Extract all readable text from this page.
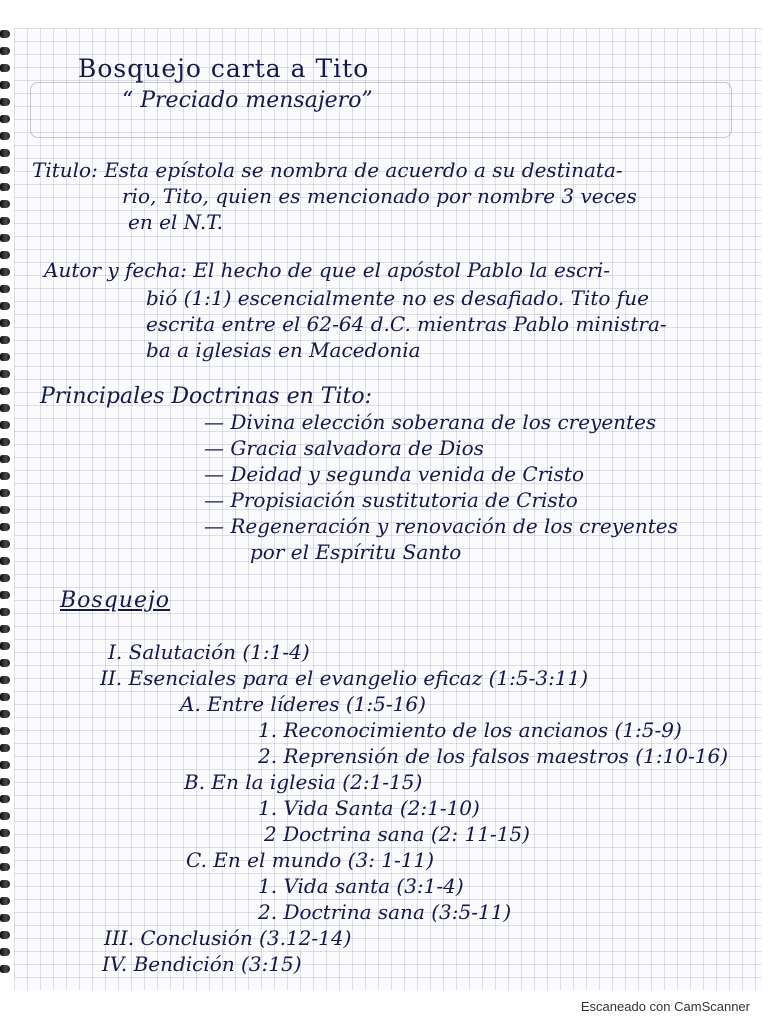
Bosquejo carta a Tito

“ Preciado mensajero”

Titulo: Esta epístola se nombra de acuerdo a su destinata-

rio, Tito, quien es mencionado por nombre 3 veces

en el N.T.

Autor y fecha: El hecho de que el apóstol Pablo la escri-

bió (1:1) escencialmente no es desafiado. Tito fue

escrita entre el 62-64 d.C. mientras Pablo ministra-

ba a iglesias en Macedonia

Principales Doctrinas en Tito:

— Divina elección soberana de los creyentes

— Gracia salvadora de Dios

— Deidad y segunda venida de Cristo

— Propisiación sustitutoria de Cristo

— Regeneración y renovación de los creyentes

por el Espíritu Santo

Bosquejo

I. Salutación (1:1-4)

II. Esenciales para el evangelio eficaz (1:5-3:11)

A. Entre líderes (1:5-16)

1. Reconocimiento de los ancianos (1:5-9)

2. Reprensión de los falsos maestros (1:10-16)

B. En la iglesia (2:1-15)

1. Vida Santa (2:1-10)

2 Doctrina sana (2: 11-15)

C. En el mundo (3: 1-11)

1. Vida santa (3:1-4)

2. Doctrina sana (3:5-11)

III. Conclusión (3.12-14)

IV. Bendición (3:15)

Escaneado con CamScanner
